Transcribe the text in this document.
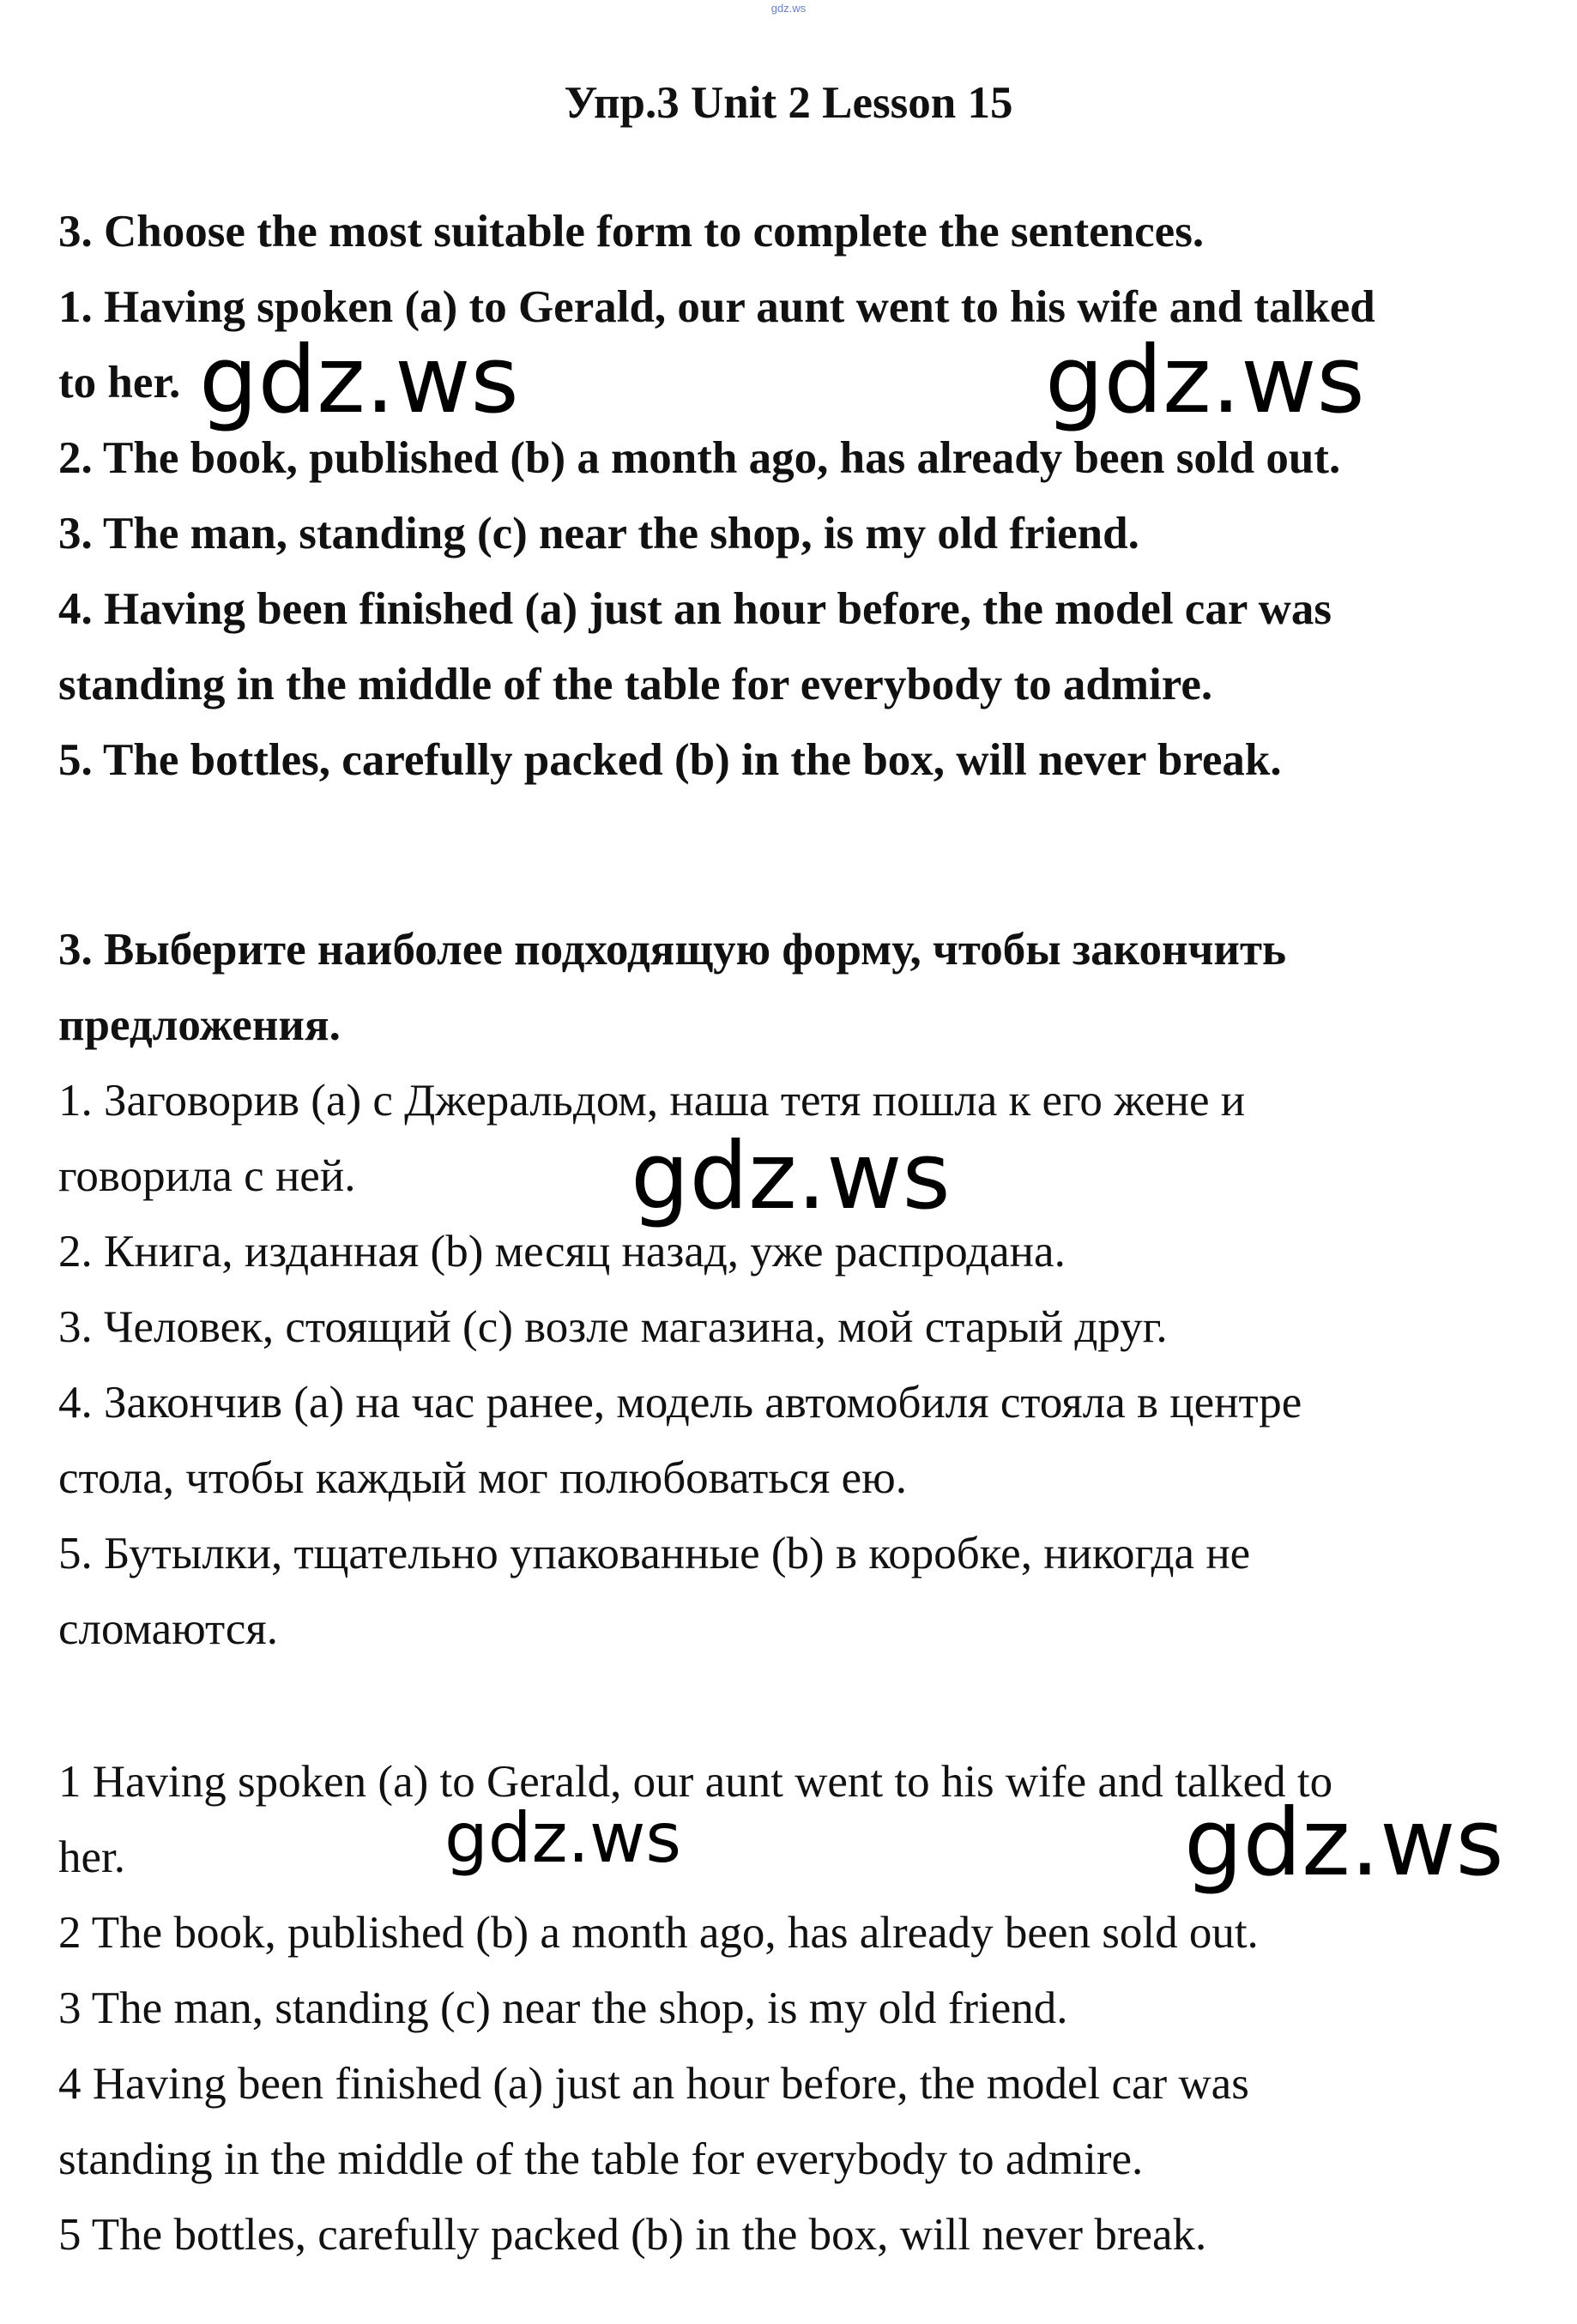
gdz.ws
Упр.3 Unit 2 Lesson 15
3. Choose the most suitable form to complete the sentences.
1. Having spoken (a) to Gerald, our aunt went to his wife and talked
to her.
2. The book, published (b) a month ago, has already been sold out.
3. The man, standing (c) near the shop, is my old friend.
4. Having been finished (a) just an hour before, the model car was
standing in the middle of the table for everybody to admire.
5. The bottles, carefully packed (b) in the box, will never break.
3. Выберите наиболее подходящую форму, чтобы закончить
предложения.
1. Заговорив (a) с Джеральдом, наша тетя пошла к его жене и
говорила с ней.
2. Книга, изданная (b) месяц назад, уже распродана.
3. Человек, стоящий (c) возле магазина, мой старый друг.
4. Закончив (a) на час ранее, модель автомобиля стояла в центре
стола, чтобы каждый мог полюбоваться ею.
5. Бутылки, тщательно упакованные (b) в коробке, никогда не
сломаются.
1 Having spoken (a) to Gerald, our aunt went to his wife and talked to
her.
2 The book, published (b) a month ago, has already been sold out.
3 The man, standing (c) near the shop, is my old friend.
4 Having been finished (a) just an hour before, the model car was
standing in the middle of the table for everybody to admire.
5 The bottles, carefully packed (b) in the box, will never break.
gdz.ws	gdz.ws
gdz.ws
gdz.ws	gdz.ws
